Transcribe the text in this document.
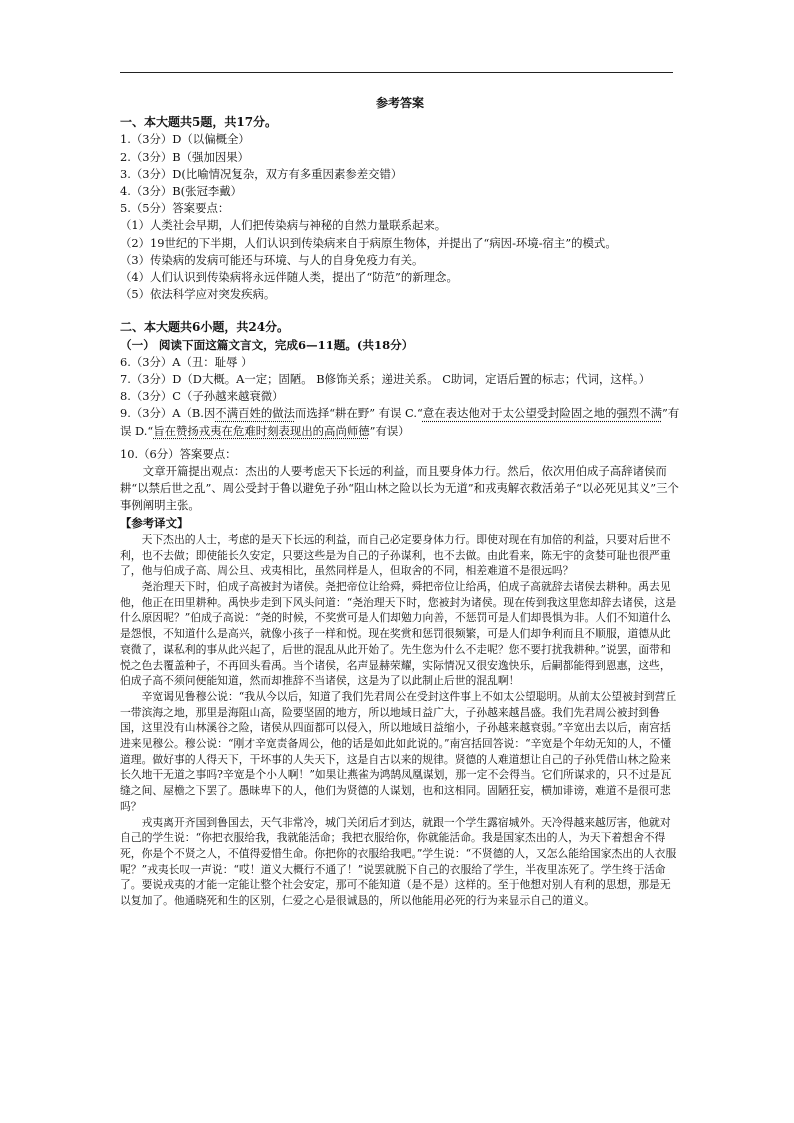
参考答案
一、本大题共5题，共17分。
1.（3分）D（以偏概全）
2.（3分）B（强加因果）
3.（3分）D(比喻情况复杂，双方有多重因素参差交错）
4.（3分）B(张冠李戴）
5.（5分）答案要点：
（1）人类社会早期，人们把传染病与神秘的自然力量联系起来。
（2）19世纪的下半期，人们认识到传染病来自于病原生物体，并提出了“病因-环境-宿主”的模式。
（3）传染病的发病可能还与环境、与人的自身免疫力有关。
（4）人们认识到传染病将永远伴随人类，提出了“防范”的新理念。
（5）依法科学应对突发疾病。
二、本大题共6小题，共24分。
（一） 阅读下面这篇文言文，完成6—11题。(共18分）
6.（3分）A（丑：耻辱 ）
7.（3分）D（D大概。A一定；固陋。 B修饰关系；递进关系。 C助词，定语后置的标志；代词，这样。）
8.（3分）C（子孙越来越衰微）
9.（3分）A（B.因不满百姓的做法而选择“耕在野” 有误 C.“意在表达他对于太公望受封险固之地的强烈不满”有误 D.“旨在赞扬戎夷在危难时刻表现出的高尚师德”有误）
10.（6分）答案要点：
文章开篇提出观点：杰出的人要考虑天下长远的利益，而且要身体力行。然后，依次用伯成子高辞诸侯而耕“以禁后世之乱”、周公受封于鲁以避免子孙“阻山林之险以长为无道”和戎夷解衣救活弟子“以必死见其义”三个事例阐明主张。
【参考译文】

天下杰出的人士，考虑的是天下长远的利益，而自己必定要身体力行。即使对现在有加倍的利益，只要对后世不利，也不去做；即使能长久安定，只要这些是为自己的子孙谋利，也不去做。由此看来，陈无宇的贪婪可耻也很严重了，他与伯成子高、周公旦、戎夷相比，虽然同样是人，但取舍的不同，相差难道不是很远吗？

尧治理天下时，伯成子高被封为诸侯。尧把帝位让给舜，舜把帝位让给禹，伯成子高就辞去诸侯去耕种。禹去见他，他正在田里耕种。禹快步走到下风头问道：“尧治理天下时，您被封为诸侯。现在传到我这里您却辞去诸侯，这是什么原因呢？”伯成子高说：“尧的时候，不奖赏可是人们却勉力向善，不惩罚可是人们却畏惧为非。人们不知道什么是怨恨，不知道什么是高兴，就像小孩子一样和悦。现在奖赏和惩罚很频繁，可是人们却争利而且不顺服，道德从此衰微了，谋私利的事从此兴起了，后世的混乱从此开始了。先生您为什么不走呢？您不要打扰我耕种。”说罢，面带和悦之色去覆盖种子，不再回头看禹。当个诸侯，名声显赫荣耀，实际情况又很安逸快乐，后嗣都能得到恩惠，这些，伯成子高不须问便能知道，然而却推辞不当诸侯，这是为了以此制止后世的混乱啊！

辛宽谒见鲁穆公说：“我从今以后，知道了我们先君周公在受封这件事上不如太公望聪明。从前太公望被封到营丘一带滨海之地，那里是海阻山高，险要坚固的地方，所以地域日益广大，子孙越来越昌盛。我们先君周公被封到鲁国，这里没有山林溪谷之险，诸侯从四面都可以侵入，所以地域日益缩小，子孙越来越衰弱。”辛宽出去以后，南宫括进来见穆公。穆公说：“刚才辛宽责备周公，他的话是如此如此说的。”南宫括回答说：“辛宽是个年幼无知的人，不懂道理。做好事的人得天下，干坏事的人失天下，这是自古以来的规律。贤德的人难道想让自己的子孙凭借山林之险来长久地干无道之事吗?辛宽是个小人啊！”如果让燕雀为鸿鹄凤凰谋划，那一定不会得当。它们所谋求的，只不过是瓦缝之间、屋檐之下罢了。愚昧卑下的人，他们为贤德的人谋划，也和这相同。固陋狂妄，横加诽谤，难道不是很可悲吗？

戎夷离开齐国到鲁国去，天气非常冷，城门关闭后才到达，就跟一个学生露宿城外。天冷得越来越厉害，他就对自己的学生说：“你把衣服给我，我就能活命；我把衣服给你，你就能活命。我是国家杰出的人，为天下着想舍不得死，你是个不贤之人，不值得爱惜生命。你把你的衣服给我吧。”学生说：“不贤德的人，又怎么能给国家杰出的人衣服呢？”戎夷长叹一声说：“哎！道义大概行不通了！”说罢就脱下自己的衣服给了学生，半夜里冻死了。学生终于活命了。要说戎夷的才能一定能让整个社会安定，那可不能知道（是不是）这样的。至于他想对别人有利的思想，那是无以复加了。他通晓死和生的区别，仁爱之心是很诚恳的，所以他能用必死的行为来显示自己的道义。
